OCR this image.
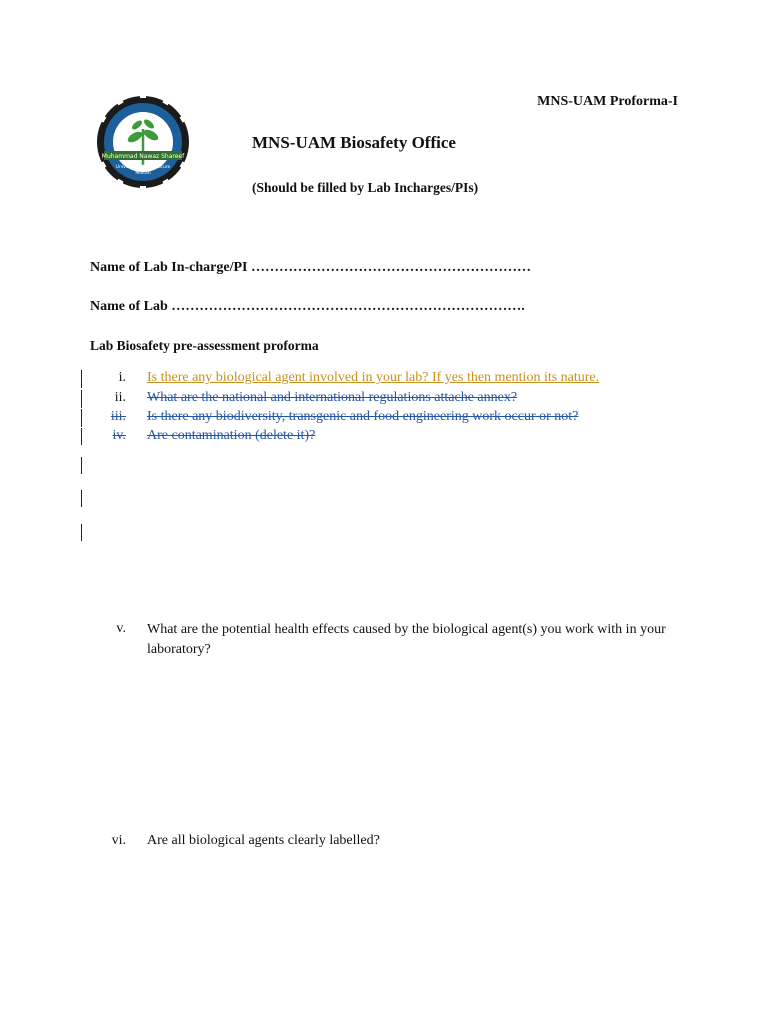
MNS-UAM Proforma-I
Muhammad Nawaz Shareef
University of Agriculture
Multan
MNS-UAM Biosafety Office
(Should be filled by Lab Incharges/PIs)
Name of Lab In-charge/PI ……………………………………………………
Name of Lab ………………………………………………………………….
Lab Biosafety pre-assessment proforma
i. Is there any biological agent involved in your lab? If yes then mention its nature.
ii. What are the national and international regulations attache annex?
iii. Is there any biodiversity, transgenic and food engineering work occur or not?
iv. Are contamination (delete it)?
v. What are the potential health effects caused by the biological agent(s) you work with in your laboratory?
vi. Are all biological agents clearly labelled?
